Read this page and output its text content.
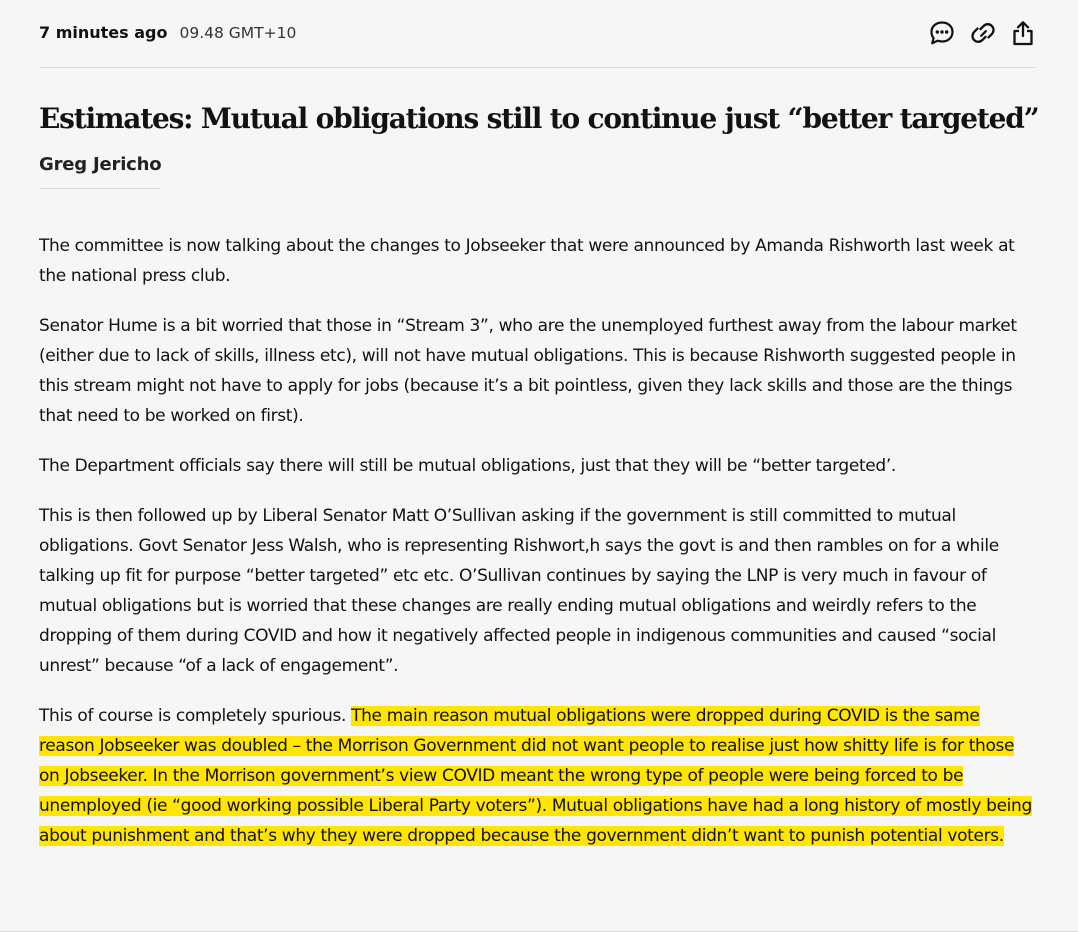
7 minutes ago 09.48 GMT+10
Estimates: Mutual obligations still to continue just “better targeted”
Greg Jericho

The committee is now talking about the changes to Jobseeker that were announced by Amanda Rishworth last week at the national press club.

Senator Hume is a bit worried that those in “Stream 3”, who are the unemployed furthest away from the labour market (either due to lack of skills, illness etc), will not have mutual obligations. This is because Rishworth suggested people in this stream might not have to apply for jobs (because it’s a bit pointless, given they lack skills and those are the things that need to be worked on first).

The Department officials say there will still be mutual obligations, just that they will be “better targeted’.

This is then followed up by Liberal Senator Matt O’Sullivan asking if the government is still committed to mutual obligations. Govt Senator Jess Walsh, who is representing Rishwort,h says the govt is and then rambles on for a while talking up fit for purpose “better targeted” etc etc. O’Sullivan continues by saying the LNP is very much in favour of mutual obligations but is worried that these changes are really ending mutual obligations and weirdly refers to the dropping of them during COVID and how it negatively affected people in indigenous communities and caused “social unrest” because “of a lack of engagement”.

This of course is completely spurious. The main reason mutual obligations were dropped during COVID is the same reason Jobseeker was doubled – the Morrison Government did not want people to realise just how shitty life is for those on Jobseeker. In the Morrison government’s view COVID meant the wrong type of people were being forced to be unemployed (ie “good working possible Liberal Party voters”). Mutual obligations have had a long history of mostly being about punishment and that’s why they were dropped because the government didn’t want to punish potential voters.
